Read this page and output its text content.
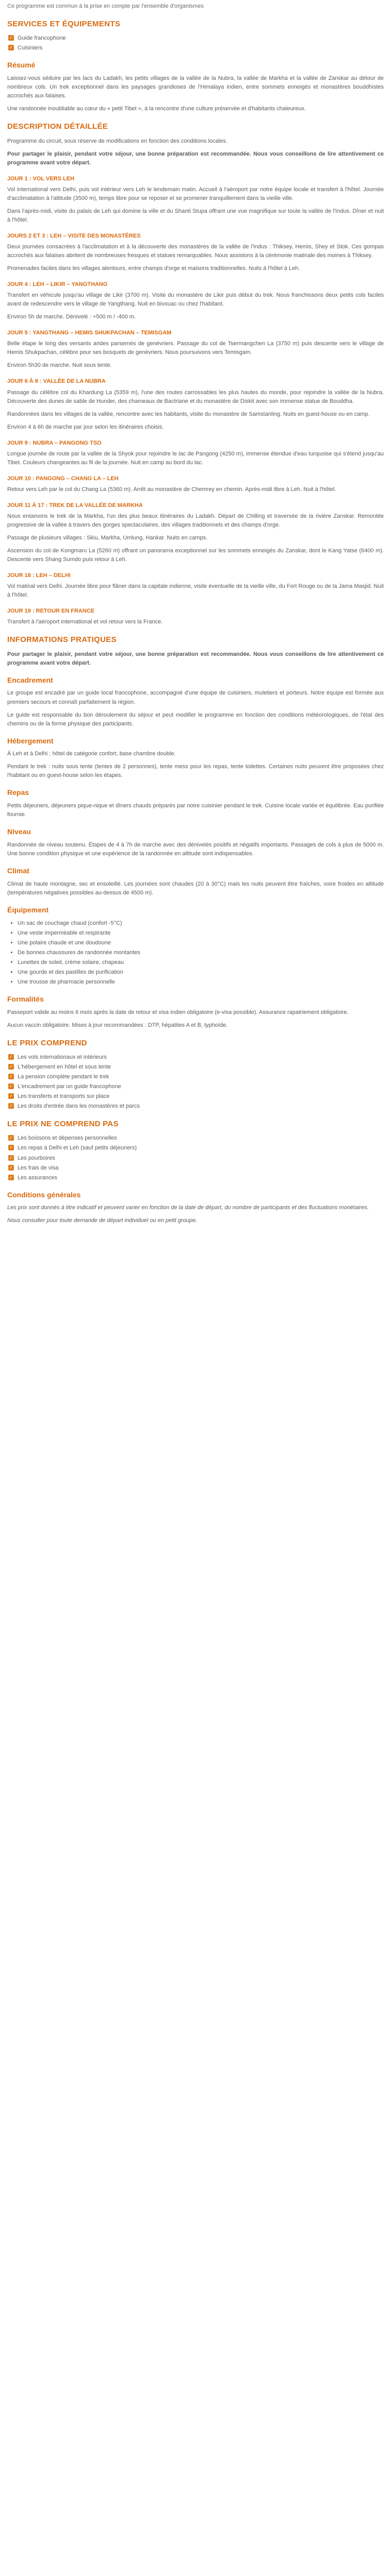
Ce programme est commun à la prise en compte par l'ensemble d'organismes

SERVICES ET ÉQUIPEMENTS
✓ Guide francophone
✓ Cuisiniers
Résumé

Laissez-vous séduire par les lacs du Ladakh, les petits villages de la vallée de la Nubra, la vallée de Markha et la vallée de Zanskar au détour de nombreux cols. Un trek exceptionnel dans les paysages grandioses de l'Himalaya indien, entre sommets enneigés et monastères bouddhistes accrochés aux falaises.

Une randonnée inoubliable au cœur du « petit Tibet », à la rencontre d'une culture préservée et d'habitants chaleureux.

DESCRIPTION DÉTAILLÉE

Programme du circuit, sous réserve de modifications en fonction des conditions locales.

Pour partager le plaisir, pendant votre séjour, une bonne préparation est recommandée. Nous vous conseillons de lire attentivement ce programme avant votre départ.

JOUR 1 : VOL VERS LEH

Vol international vers Delhi, puis vol intérieur vers Leh le lendemain matin. Accueil à l'aéroport par notre équipe locale et transfert à l'hôtel. Journée d'acclimatation à l'altitude (3500 m), temps libre pour se reposer et se promener tranquillement dans la vieille ville.

Dans l'après-midi, visite du palais de Leh qui domine la ville et du Shanti Stupa offrant une vue magnifique sur toute la vallée de l'Indus. Dîner et nuit à l'hôtel.

JOURS 2 ET 3 : LEH – VISITE DES MONASTÈRES

Deux journées consacrées à l'acclimatation et à la découverte des monastères de la vallée de l'Indus : Thiksey, Hemis, Shey et Stok. Ces gompas accrochés aux falaises abritent de nombreuses fresques et statues remarquables. Nous assistons à la cérémonie matinale des moines à Thiksey.

Promenades faciles dans les villages alentours, entre champs d'orge et maisons traditionnelles. Nuits à l'hôtel à Leh.

JOUR 4 : LEH – LIKIR – YANGTHANG

Transfert en véhicule jusqu'au village de Likir (3700 m). Visite du monastère de Likir puis début du trek. Nous franchissons deux petits cols faciles avant de redescendre vers le village de Yangthang. Nuit en bivouac ou chez l'habitant.

Environ 5h de marche. Dénivelé : +500 m / -400 m.

JOUR 5 : YANGTHANG – HEMIS SHUKPACHAN – TEMISGAM

Belle étape le long des versants arides parsemés de genévriers. Passage du col de Tsermangchen La (3750 m) puis descente vers le village de Hemis Shukpachan, célèbre pour ses bosquets de genévriers. Nous poursuivons vers Temisgam.

Environ 5h30 de marche. Nuit sous tente.

JOUR 6 À 8 : VALLÉE DE LA NUBRA

Passage du célèbre col du Khardung La (5359 m), l'une des routes carrossables les plus hautes du monde, pour rejoindre la vallée de la Nubra. Découverte des dunes de sable de Hunder, des chameaux de Bactriane et du monastère de Diskit avec son immense statue de Bouddha.

Randonnées dans les villages de la vallée, rencontre avec les habitants, visite du monastère de Samstanling. Nuits en guest-house ou en camp.

Environ 4 à 6h de marche par jour selon les itinéraires choisis.

JOUR 9 : NUBRA – PANGONG TSO

Longue journée de route par la vallée de la Shyok pour rejoindre le lac de Pangong (4250 m), immense étendue d'eau turquoise qui s'étend jusqu'au Tibet. Couleurs changeantes au fil de la journée. Nuit en camp au bord du lac.

JOUR 10 : PANGONG – CHANG LA – LEH

Retour vers Leh par le col du Chang La (5360 m). Arrêt au monastère de Chemrey en chemin. Après-midi libre à Leh. Nuit à l'hôtel.

JOUR 11 À 17 : TREK DE LA VALLÉE DE MARKHA

Nous entamons le trek de la Markha, l'un des plus beaux itinéraires du Ladakh. Départ de Chilling et traversée de la rivière Zanskar. Remontée progressive de la vallée à travers des gorges spectaculaires, des villages traditionnels et des champs d'orge.

Passage de plusieurs villages : Skiu, Markha, Umlung, Hankar. Nuits en camps.

Ascension du col de Kongmaru La (5260 m) offrant un panorama exceptionnel sur les sommets enneigés du Zanskar, dont le Kang Yatse (6400 m). Descente vers Shang Sumdo puis retour à Leh.

JOUR 18 : LEH – DELHI

Vol matinal vers Delhi. Journée libre pour flâner dans la capitale indienne, visite éventuelle de la vieille ville, du Fort Rouge ou de la Jama Masjid. Nuit à l'hôtel.

JOUR 19 : RETOUR EN FRANCE

Transfert à l'aéroport international et vol retour vers la France.

INFORMATIONS PRATIQUES

Pour partager le plaisir, pendant votre séjour, une bonne préparation est recommandée. Nous vous conseillons de lire attentivement ce programme avant votre départ.

Encadrement

Le groupe est encadré par un guide local francophone, accompagné d'une équipe de cuisiniers, muletiers et porteurs. Notre équipe est formée aux premiers secours et connaît parfaitement la région.

Le guide est responsable du bon déroulement du séjour et peut modifier le programme en fonction des conditions météorologiques, de l'état des chemins ou de la forme physique des participants.

Hébergement

À Leh et à Delhi : hôtel de catégorie confort, base chambre double.

Pendant le trek : nuits sous tente (tentes de 2 personnes), tente mess pour les repas, tente toilettes. Certaines nuits peuvent être proposées chez l'habitant ou en guest-house selon les étapes.

Repas

Petits déjeuners, déjeuners pique-nique et dîners chauds préparés par notre cuisinier pendant le trek. Cuisine locale variée et équilibrée. Eau purifiée fournie.

Niveau

Randonnée de niveau soutenu. Étapes de 4 à 7h de marche avec des dénivelés positifs et négatifs importants. Passages de cols à plus de 5000 m. Une bonne condition physique et une expérience de la randonnée en altitude sont indispensables.

Climat

Climat de haute montagne, sec et ensoleillé. Les journées sont chaudes (20 à 30°C) mais les nuits peuvent être fraîches, voire froides en altitude (températures négatives possibles au-dessus de 4500 m).

Équipement
• Un sac de couchage chaud (confort -5°C)
• Une veste imperméable et respirante
• Une polaire chaude et une doudoune
• De bonnes chaussures de randonnée montantes
• Lunettes de soleil, crème solaire, chapeau
• Une gourde et des pastilles de purification
• Une trousse de pharmacie personnelle
Formalités

Passeport valide au moins 6 mois après la date de retour et visa indien obligatoire (e-visa possible). Assurance rapatriement obligatoire.

Aucun vaccin obligatoire. Mises à jour recommandées : DTP, hépatites A et B, typhoïde.

LE PRIX COMPREND
✓ Les vols internationaux et intérieurs
✓ L'hébergement en hôtel et sous tente
✓ La pension complète pendant le trek
✓ L'encadrement par un guide francophone
✓ Les transferts et transports sur place
✓ Les droits d'entrée dans les monastères et parcs
LE PRIX NE COMPREND PAS
✓ Les boissons et dépenses personnelles
✓ Les repas à Delhi et Leh (sauf petits déjeuners)
✓ Les pourboires
✓ Les frais de visa
✓ Les assurances
Conditions générales

Les prix sont donnés à titre indicatif et peuvent varier en fonction de la date de départ, du nombre de participants et des fluctuations monétaires.

Nous consulter pour toute demande de départ individuel ou en petit groupe.
